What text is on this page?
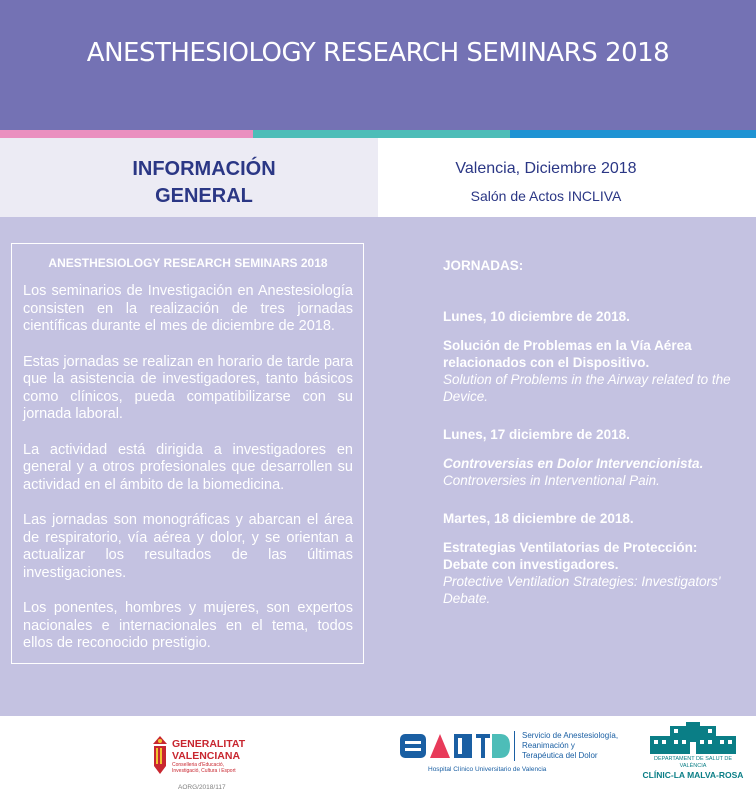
ANESTHESIOLOGY RESEARCH SEMINARS 2018
INFORMACIÓN
GENERAL
Valencia, Diciembre 2018
Salón de Actos INCLIVA
ANESTHESIOLOGY RESEARCH SEMINARS 2018

Los seminarios de Investigación en Anestesiología consisten en la realización de tres jornadas científicas durante el mes de diciembre de 2018.

Estas jornadas se realizan en horario de tarde para que la asistencia de investigadores, tanto básicos como clínicos, pueda compatibilizarse con su jornada laboral.

La actividad está dirigida a investigadores en general y a otros profesionales que desarrollen su actividad en el ámbito de la biomedicina.

Las jornadas son monográficas y abarcan el área de respiratorio, vía aérea y dolor, y se orientan a actualizar los resultados de las últimas investigaciones.

Los ponentes, hombres y mujeres, son expertos nacionales e internacionales en el tema, todos ellos de reconocido prestigio.

JORNADAS:
Lunes, 10 diciembre de 2018.
Solución de Problemas en la Vía Aérea relacionados con el Dispositivo.
Solution of Problems in the Airway related to the Device.
Lunes, 17 diciembre de 2018.
Controversias en Dolor Intervencionista.
Controversies in Interventional Pain.
Martes, 18 diciembre de 2018.
Estrategias Ventilatorias de Protección: Debate con investigadores.
Protective Ventilation Strategies: Investigators' Debate.
GENERALITAT
VALENCIANA
Conselleria d'Educació,
Investigació, Cultura i Esport
AORG/2018/117
Servicio de Anestesiología,
Reanimación y
Terapéutica del Dolor
Hospital Clínico Universitario de Valencia
DEPARTAMENT DE SALUT DE VALÈNCIA
CLÍNIC-LA MALVA-ROSA
